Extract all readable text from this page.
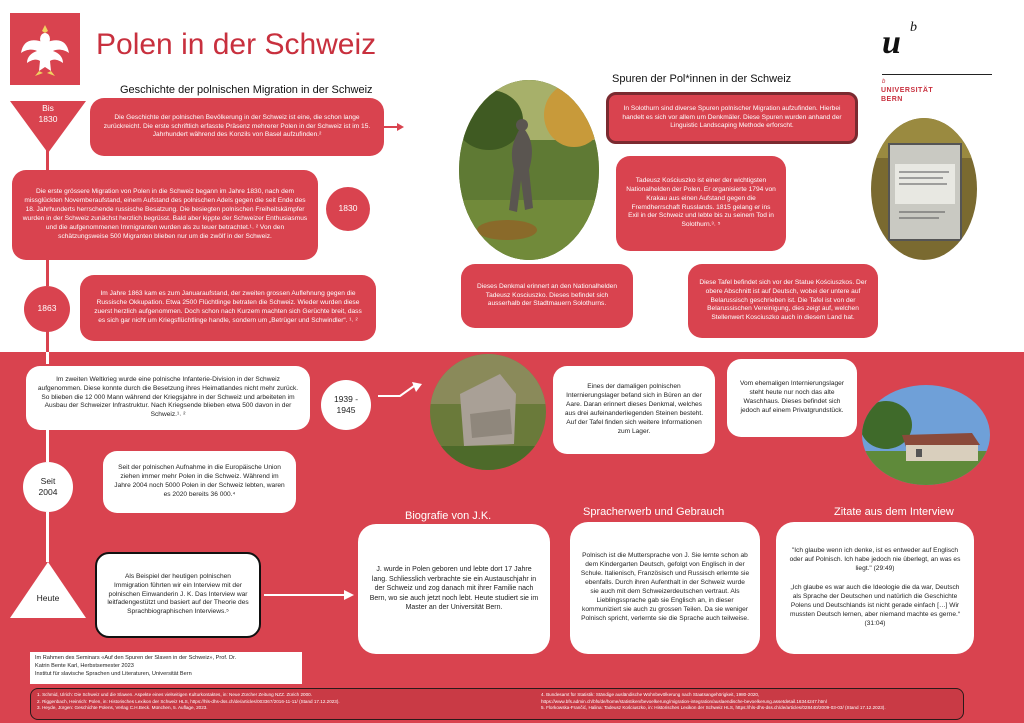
Polen in der Schweiz	u b
b
UNIVERSITÄT
BERN
Geschichte der polnischen Migration in der Schweiz
Spuren der Pol*innen in der Schweiz
Biografie von J.K.	Spracherwerb und Gebrauch	Zitate aus dem Interview
Bis
1830	Die Geschichte der polnischen Bevölkerung in der Schweiz ist eine, die schon lange zurückreicht. Die erste schriftlich erfasste Präsenz mehrerer Polen in der Schweiz ist im 15. Jahrhundert während des Konzils von Basel aufzufinden.²
Die erste grössere Migration von Polen in die Schweiz begann im Jahre 1830, nach dem missglückten Novemberaufstand, einem Aufstand des polnischen Adels gegen die seit Ende des 18. Jahrhunderts herrschende russische Besatzung. Die besiegten polnischen Freiheitskämpfer wurden in der Schweiz zunächst herzlich begrüsst. Bald aber kippte der Schweizer Enthusiasmus und die aufgenommenen Immigranten wurden als zu teuer betrachtet.¹˒ ² Von den schätzungsweise 500 Migranten blieben nur um die zwölf in der Schweiz.
1830
1863
Im Jahre 1863 kam es zum Januaraufstand, der zweiten grossen Auflehnung gegen die Russische Okkupation. Etwa 2500 Flüchtlinge betraten die Schweiz. Wieder wurden diese zuerst herzlich aufgenommen. Doch schon nach Kurzem machten sich Gerüchte breit, dass es sich gar nicht um Kriegsflüchtlinge handle, sondern um „Betrüger und Schwindler“. ¹˒ ²
Im zweiten Weltkrieg wurde eine polnische Infanterie-Division in der Schweiz aufgenommen. Diese konnte durch die Besetzung ihres Heimatlandes nicht mehr zurück. So blieben die 12 000 Mann während der Kriegsjahre in der Schweiz und arbeiteten im Ausbau der Schweizer Infrastruktur. Nach Kriegsende blieben etwa 500 davon in der Schweiz.¹˒ ²
1939 -
1945
Seit
2004
Seit der polnischen Aufnahme in die Europäische Union ziehen immer mehr Polen in die Schweiz. Während im Jahre 2004 noch 5000 Polen in der Schweiz lebten, waren es 2020 bereits 36 000.⁴
Heute
Als Beispiel der heutigen polnischen Immigration führten wir ein Interview mit der polnischen Einwanderin J. K. Das Interview war leitfadengestützt und basiert auf der Theorie des Sprachbiographischen Interviews.⁵
Im Rahmen des Seminars «Auf den Spuren der Slaven in der Schweiz», Prof. Dr.
Katrin Bente Karl, Herbstsemester 2023
Institut für slavische Sprachen und Literaturen, Universität Bern
In Solothurn sind diverse Spuren polnischer Migration aufzufinden. Hierbei handelt es sich vor allem um Denkmäler. Diese Spuren wurden anhand der Linguistic Landscaping Methode erforscht.
Tadeusz Kościuszko ist einer der wichtigsten Nationalhelden der Polen. Er organisierte 1794 von Krakau aus einen Aufstand gegen die Fremdherrschaft Russlands. 1815 gelang er ins Exil in der Schweiz und lebte bis zu seinem Tod in Solothurn.³˒ ⁵
Dieses Denkmal erinnert an den Nationalhelden Tadeusz Kosciuszko. Dieses befindet sich ausserhalb der Stadtmauern Solothurns.
Diese Tafel befindet sich vor der Statue Kościuszkos. Der obere Abschnitt ist auf Deutsch, wobei der untere auf Belarussisch geschrieben ist. Die Tafel ist von der Belarussischen Vereinigung, dies zeigt auf, welchen Stellenwert Kosciuszko auch in diesem Land hat.
Eines der damaligen polnischen Internierungslager befand sich in Büren an der Aare. Daran erinnert dieses Denkmal, welches aus drei aufeinanderliegenden Steinen besteht. Auf der Tafel finden sich weitere Informationen zum Lager.
Vom ehemaligen Internierungslager steht heute nur noch das alte Waschhaus. Dieses befindet sich jedoch auf einem Privatgrundstück.
J. wurde in Polen geboren und lebte dort 17 Jahre lang. Schliesslich verbrachte sie ein Austauschjahr in der Schweiz und zog danach mit ihrer Familie nach Bern, wo sie auch jetzt noch lebt. Heute studiert sie im Master an der Universität Bern.
Polnisch ist die Muttersprache von J. Sie lernte schon ab dem Kindergarten Deutsch, gefolgt von Englisch in der Schule. Italienisch, Französisch und Russisch erlernte sie ebenfalls. Durch ihren Aufenthalt in der Schweiz wurde sie auch mit dem Schweizerdeutschen vertraut. Als Lieblingssprache gab sie Englisch an, in dieser kommuniziert sie auch zu grossen Teilen. Da sie weniger Polnisch spricht, verlernte sie die Sprache auch teilweise.
"Ich glaube wenn ich denke, ist es entweder auf Englisch oder auf Polnisch. Ich habe jedoch nie überlegt, an was es liegt." (29:49)
„Ich glaube es war auch die Ideologie die da war, Deutsch als Sprache der Deutschen und natürlich die Geschichte Polens und Deutschlands ist nicht gerade einfach […] Wir mussten Deutsch lernen, aber niemand machte es gerne.“ (31:04)
1. Schmid, Ulrich: Die Schweiz und die Slawen. Aspekte eines vielseitigen Kulturkontaktes, in: Neue Zürcher Zeitung NZZ. Zürich 2000.
2. Riggenbach, Heinrich: Polen, in: Historisches Lexikon der Schweiz HLS, https://hls-dhs-dss.ch/de/articles/003367/2016-11-11/ (Stand 17.12.2023).
3. Heyde, Jürgen: Geschichte Polens, Verlag C.H.Beck. München, 5. Auflage, 2023.
4. Bundesamt für Statistik: Ständige ausländische Wohnbevölkerung nach Staatsangehörigkeit, 1980-2020,
https://www.bfs.admin.ch/bfs/de/home/statistiken/bevoelkerung/migration-integration/auslaendische-bevoelkerung.assetdetail.16344247.html
5. Florkowska-Frančić, Halina: Tadeusz Kościuszko, in: Historisches Lexikon der Schweiz HLS, https://hls-dhs-dss.ch/de/articles/028440/2009-03-03/ (Stand 17.12.2023).
